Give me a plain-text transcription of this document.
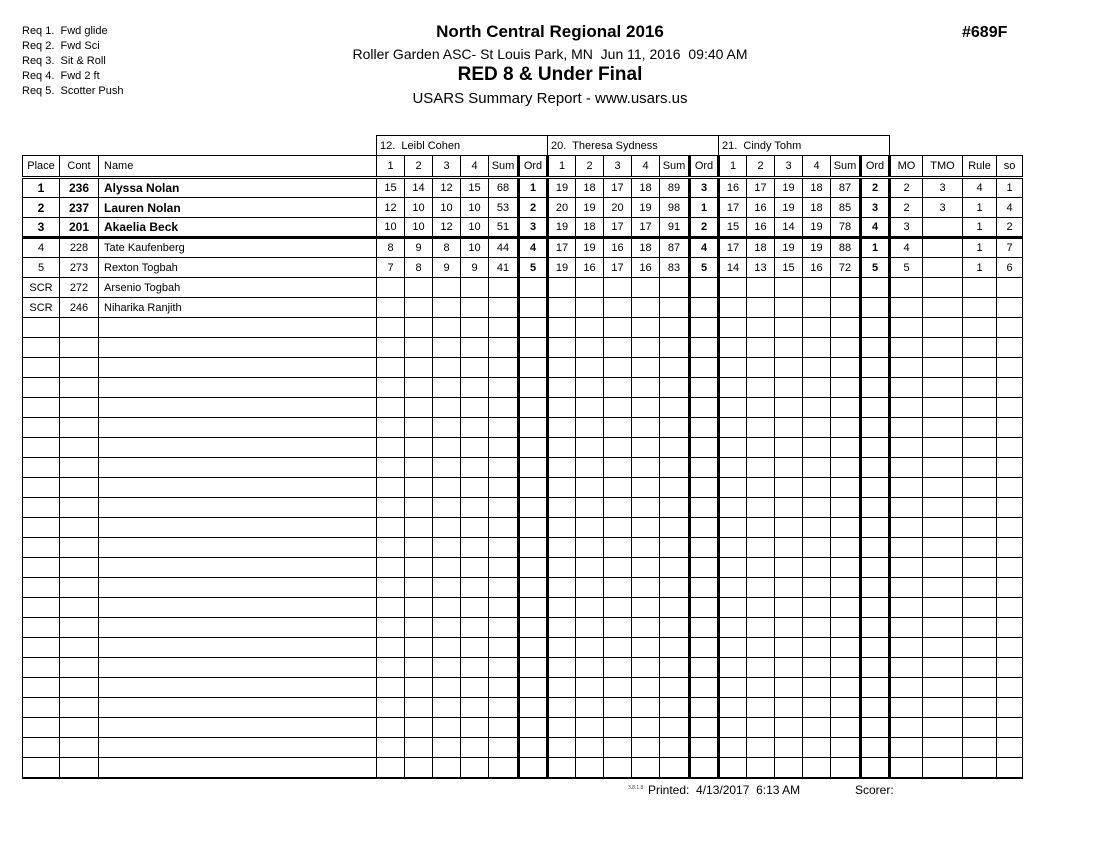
Req 1.  Fwd glide
Req 2.  Fwd Sci
Req 3.  Sit & Roll
Req 4.  Fwd 2 ft
Req 5.  Scotter Push
North Central Regional 2016
Roller Garden ASC- St Louis Park, MN  Jun 11, 2016  09:40 AM
RED 8 & Under Final
USARS Summary Report - www.usars.us
#689F
			12.  Leibl Cohen						20.  Theresa Sydness						21.  Cindy Tohm									
Place	Cont	Name	1	2	3	4	Sum	Ord	1	2	3	4	Sum	Ord	1	2	3	4	Sum	Ord	MO	TMO	Rule	so
1	236	Alyssa Nolan	15	14	12	15	68	1	19	18	17	18	89	3	16	17	19	18	87	2	2	3	4	1
2	237	Lauren Nolan	12	10	10	10	53	2	20	19	20	19	98	1	17	16	19	18	85	3	2	3	1	4
3	201	Akaelia Beck	10	10	12	10	51	3	19	18	17	17	91	2	15	16	14	19	78	4	3		1	2
4	228	Tate Kaufenberg	8	9	8	10	44	4	17	19	16	18	87	4	17	18	19	19	88	1	4		1	7
5	273	Rexton Togbah	7	8	9	9	41	5	19	16	17	16	83	5	14	13	15	16	72	5	5		1	6
SCR	272	Arsenio Togbah																						
SCR	246	Niharika Ranjith																						

3.8.1.8 Printed:  4/13/2017  6:13 AM	Scorer:
